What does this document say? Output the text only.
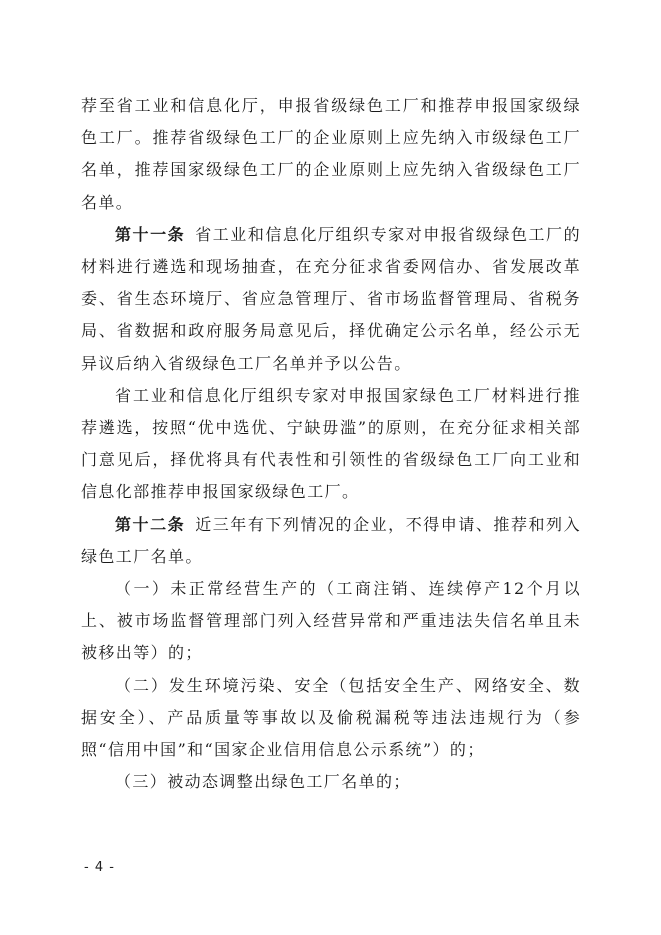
荐至省工业和信息化厅，申报省级绿色工厂和推荐申报国家级绿色工厂。推荐省级绿色工厂的企业原则上应先纳入市级绿色工厂名单，推荐国家级绿色工厂的企业原则上应先纳入省级绿色工厂名单。

第十一条 省工业和信息化厅组织专家对申报省级绿色工厂的材料进行遴选和现场抽查，在充分征求省委网信办、省发展改革委、省生态环境厅、省应急管理厅、省市场监督管理局、省税务局、省数据和政府服务局意见后，择优确定公示名单，经公示无异议后纳入省级绿色工厂名单并予以公告。

省工业和信息化厅组织专家对申报国家绿色工厂材料进行推荐遴选，按照“优中选优、宁缺毋滥”的原则，在充分征求相关部门意见后，择优将具有代表性和引领性的省级绿色工厂向工业和信息化部推荐申报国家级绿色工厂。

第十二条 近三年有下列情况的企业，不得申请、推荐和列入绿色工厂名单。

（一）未正常经营生产的（工商注销、连续停产12个月以上、被市场监督管理部门列入经营异常和严重违法失信名单且未被移出等）的；

（二）发生环境污染、安全（包括安全生产、网络安全、数据安全）、产品质量等事故以及偷税漏税等违法违规行为（参照“信用中国”和“国家企业信用信息公示系统”）的；

（三）被动态调整出绿色工厂名单的；

- 4 -
